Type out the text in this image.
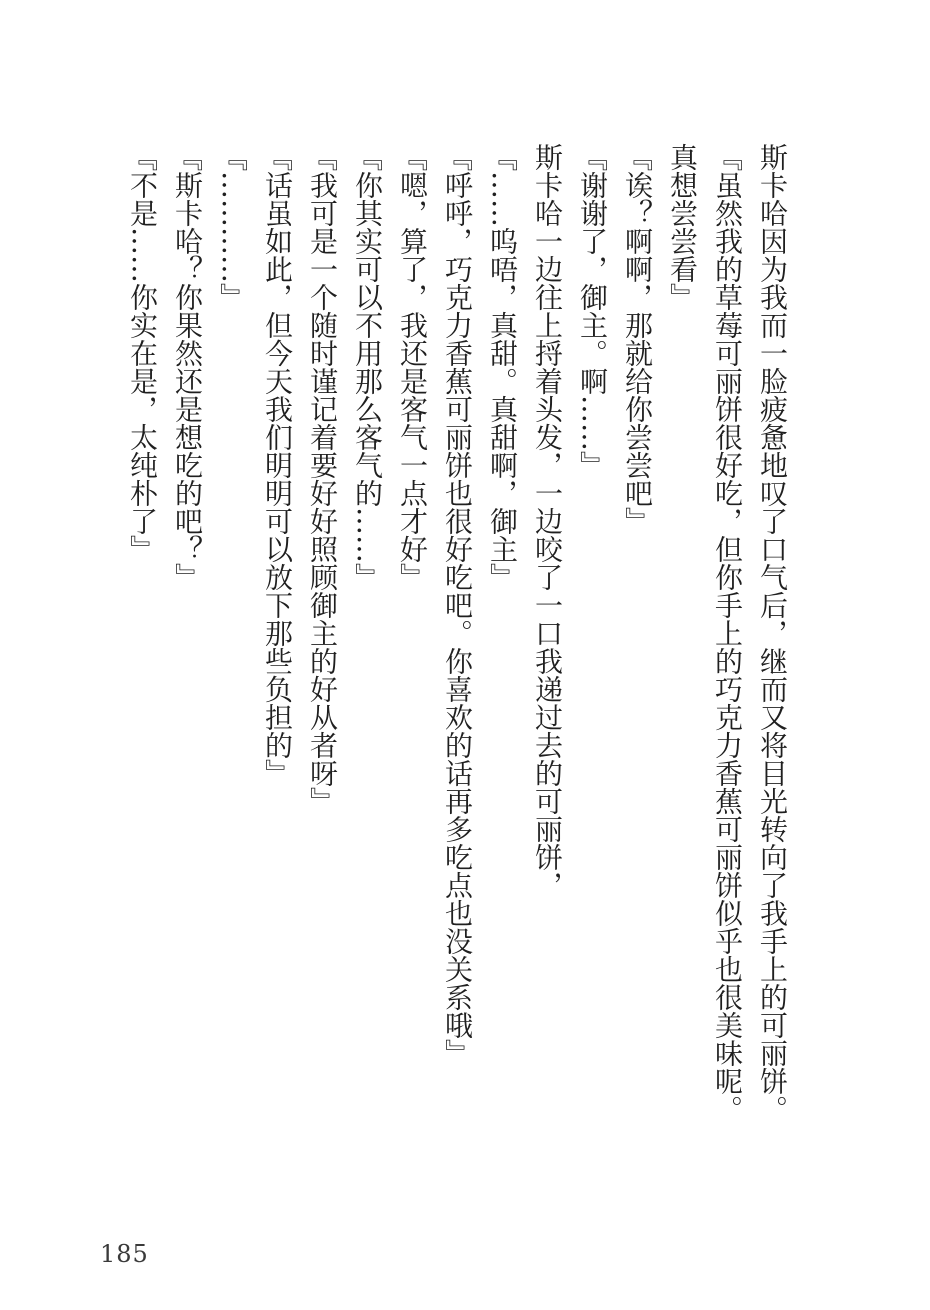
斯卡哈因为我而一脸疲惫地叹了口气后，继而又将目光转向了我手上的可丽饼。

『虽然我的草莓可丽饼很好吃，但你手上的巧克力香蕉可丽饼似乎也很美味呢。真想尝尝看』

『诶？啊啊，那就给你尝尝吧』

『谢谢了，御主。啊……』

斯卡哈一边往上捋着头发，一边咬了一口我递过去的可丽饼，

『……呜唔，真甜。真甜啊，御主』

『呼呼，巧克力香蕉可丽饼也很好吃吧。你喜欢的话再多吃点也没关系哦』

『嗯，算了，我还是客气一点才好』

『你其实可以不用那么客气的……』

『我可是一个随时谨记着要好好照顾御主的好从者呀』

『话虽如此，但今天我们明明可以放下那些负担的』

『…………』

『斯卡哈？你果然还是想吃的吧？』

『不是……你实在是，太纯朴了』

185
